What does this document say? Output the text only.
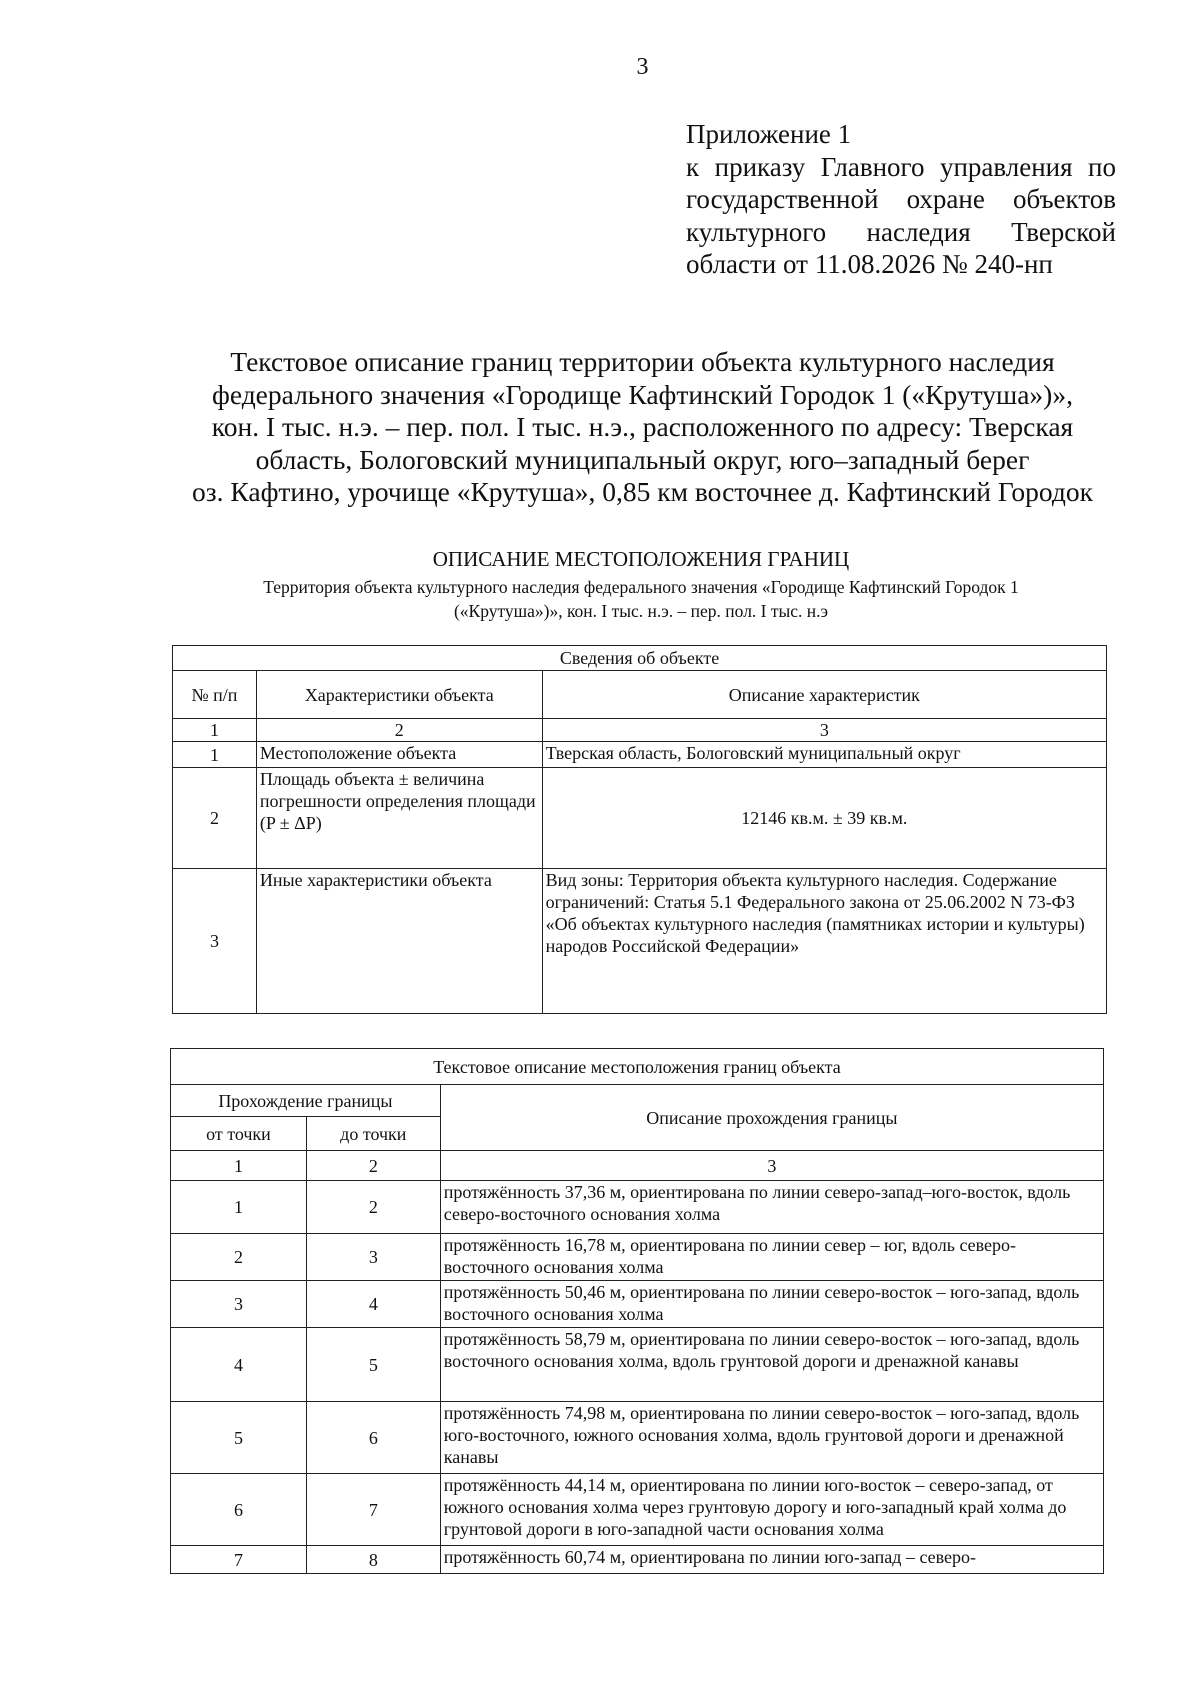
3
Приложение 1
к приказу Главного управления по
государственной охране объектов
культурного наследия Тверской
области от 11.08.2026 № 240-нп
Текстовое описание границ территории объекта культурного наследия
федерального значения «Городище Кафтинский Городок 1 («Крутуша»)»,
кон. I тыс. н.э. – пер. пол. I тыс. н.э., расположенного по адресу: Тверская
область, Бологовский муниципальный округ, юго–западный берег
оз. Кафтино, урочище «Крутуша», 0,85 км восточнее д. Кафтинский Городок
ОПИСАНИЕ МЕСТОПОЛОЖЕНИЯ ГРАНИЦ
Территория объекта культурного наследия федерального значения «Городище Кафтинский Городок 1
(«Крутуша»)», кон. I тыс. н.э. – пер. пол. I тыс. н.э
Сведения об объекте		
№ п/п	Характеристики объекта	Описание характеристик
1	2	3
1	Местоположение объекта	Тверская область, Бологовский муниципальный округ
2	Площадь объекта ± величина погрешности определения площади (P ± ΔP)	12146 кв.м. ± 39 кв.м.
3	Иные характеристики объекта	Вид зоны: Территория объекта культурного наследия. Содержание ограничений: Статья 5.1 Федерального закона от 25.06.2002 N 73-ФЗ «Об объектах культурного наследия (памятниках истории и культуры) народов Российской Федерации»
Текстовое описание местоположения границ объекта		
Прохождение границы		Описание прохождения границы
от точки	до точки	
1	2	3
1	2	протяжённость 37,36 м, ориентирована по линии северо-запад–юго-восток, вдоль северо-восточного основания холма
2	3	протяжённость 16,78 м, ориентирована по линии север – юг, вдоль северо-восточного основания холма
3	4	протяжённость 50,46 м, ориентирована по линии северо-восток – юго-запад, вдоль восточного основания холма
4	5	протяжённость 58,79 м, ориентирована по линии северо-восток – юго-запад, вдоль восточного основания холма, вдоль грунтовой дороги и дренажной канавы
5	6	протяжённость 74,98 м, ориентирована по линии северо-восток – юго-запад, вдоль юго-восточного, южного основания холма, вдоль грунтовой дороги и дренажной канавы
6	7	протяжённость 44,14 м, ориентирована по линии юго-восток – северо-запад, от южного основания холма через грунтовую дорогу и юго-западный край холма до грунтовой дороги в юго-западной части основания холма
7	8	протяжённость 60,74 м, ориентирована по линии юго-запад – северо-
